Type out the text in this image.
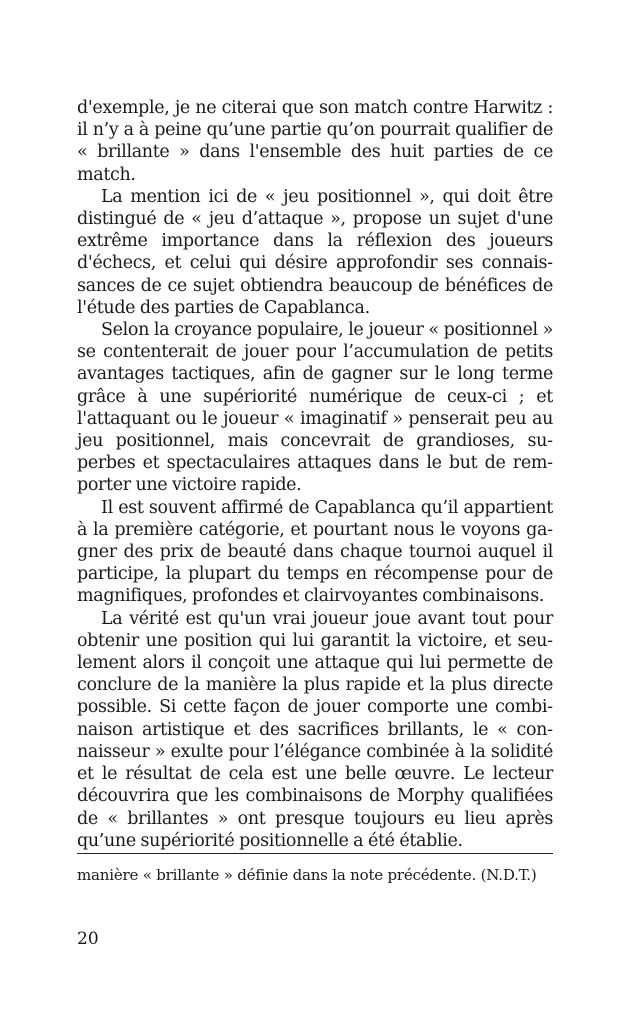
d'exemple, je ne citerai que son match contre Harwitz : il n’y a à peine qu’une partie qu’on pourrait qualifier de « brillante » dans l'ensemble des huit parties de ce match.

La mention ici de « jeu positionnel », qui doit être distingué de « jeu d’attaque », propose un sujet d'une extrême importance dans la réflexion des joueurs d'échecs, et celui qui désire approfondir ses connaissances de ce sujet obtiendra beaucoup de bénéfices de l'étude des parties de Capablanca.

Selon la croyance populaire, le joueur « positionnel » se contenterait de jouer pour l’accumulation de petits avantages tactiques, afin de gagner sur le long terme grâce à une supériorité numérique de ceux-ci ; et l'attaquant ou le joueur « imaginatif » penserait peu au jeu positionnel, mais concevrait de grandioses, superbes et spectaculaires attaques dans le but de remporter une victoire rapide.

Il est souvent affirmé de Capablanca qu’il appartient à la première catégorie, et pourtant nous le voyons gagner des prix de beauté dans chaque tournoi auquel il participe, la plupart du temps en récompense pour de magnifiques, profondes et clairvoyantes combinaisons.

La vérité est qu'un vrai joueur joue avant tout pour obtenir une position qui lui garantit la victoire, et seulement alors il conçoit une attaque qui lui permette de conclure de la manière la plus rapide et la plus directe possible. Si cette façon de jouer comporte une combinaison artistique et des sacrifices brillants, le « connaisseur » exulte pour l’élégance combinée à la solidité et le résultat de cela est une belle œuvre. Le lecteur découvrira que les combinaisons de Morphy qualifiées de « brillantes » ont presque toujours eu lieu après qu’une supériorité positionnelle a été établie.

manière « brillante » définie dans la note précédente. (N.D.T.)

20
